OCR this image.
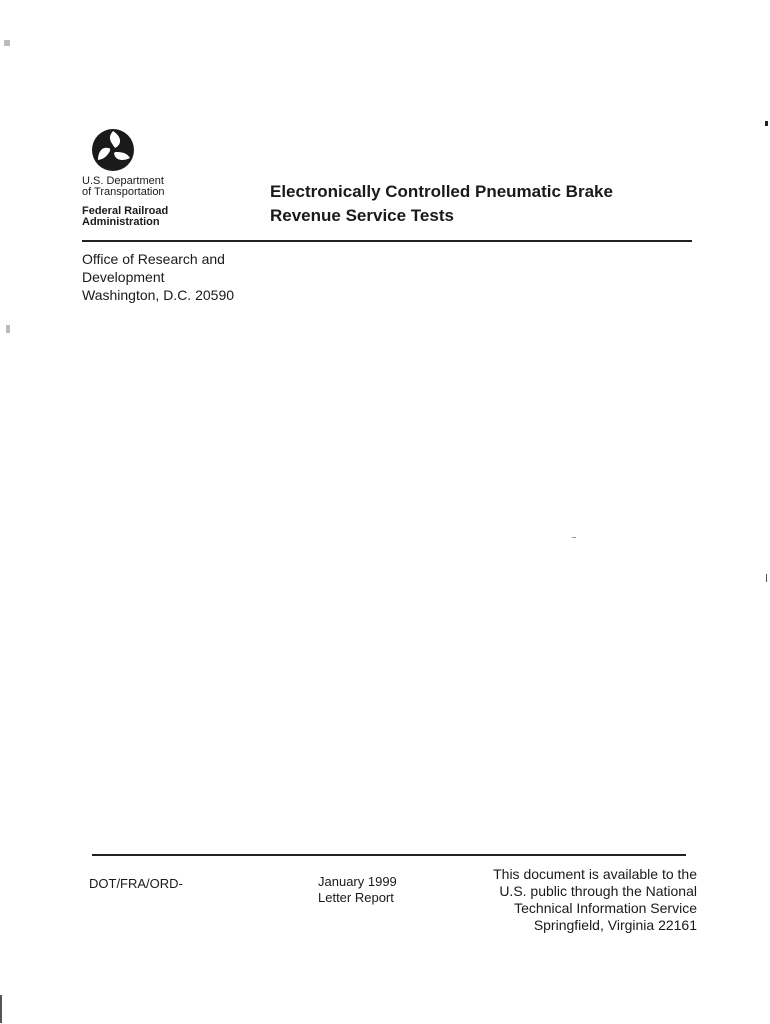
U.S. Department
of Transportation
Federal Railroad
Administration
Electronically Controlled Pneumatic Brake
Revenue Service Tests
Office of Research and
Development
Washington, D.C. 20590
DOT/FRA/ORD-	January 1999
Letter Report
This document is available to the
U.S. public through the National
Technical Information Service
Springfield, Virginia 22161
